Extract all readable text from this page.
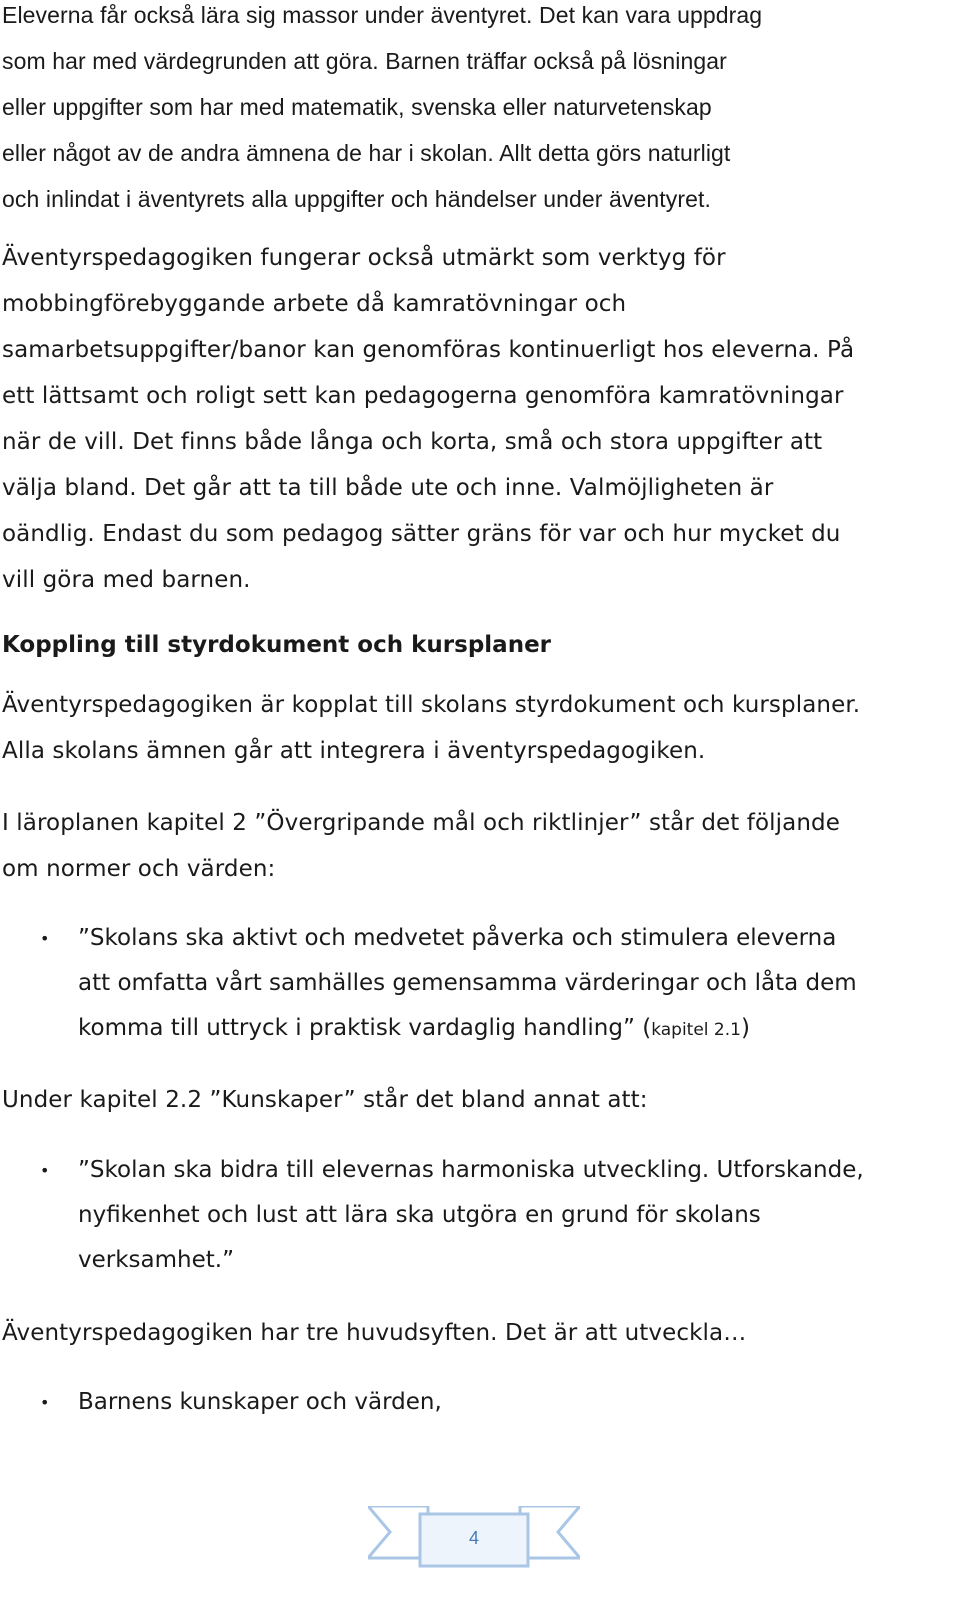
Eleverna får också lära sig massor under äventyret. Det kan vara uppdrag
som har med värdegrunden att göra. Barnen träffar också på lösningar
eller uppgifter som har med matematik, svenska eller naturvetenskap
eller något av de andra ämnena de har i skolan. Allt detta görs naturligt
och inlindat i äventyrets alla uppgifter och händelser under äventyret.

Äventyrspedagogiken fungerar också utmärkt som verktyg för
mobbingförebyggande arbete då kamratövningar och
samarbetsuppgifter/banor kan genomföras kontinuerligt hos eleverna. På
ett lättsamt och roligt sett kan pedagogerna genomföra kamratövningar
när de vill. Det finns både långa och korta, små och stora uppgifter att
välja bland. Det går att ta till både ute och inne. Valmöjligheten är
oändlig. Endast du som pedagog sätter gräns för var och hur mycket du
vill göra med barnen.

Koppling till styrdokument och kursplaner

Äventyrspedagogiken är kopplat till skolans styrdokument och kursplaner.
Alla skolans ämnen går att integrera i äventyrspedagogiken.

I läroplanen kapitel 2 ”Övergripande mål och riktlinjer” står det följande
om normer och värden:

• ”Skolans ska aktivt och medvetet påverka och stimulera eleverna
att omfatta vårt samhälles gemensamma värderingar och låta dem
komma till uttryck i praktisk vardaglig handling” (kapitel 2.1)

Under kapitel 2.2 ”Kunskaper” står det bland annat att:

• ”Skolan ska bidra till elevernas harmoniska utveckling. Utforskande,
nyfikenhet och lust att lära ska utgöra en grund för skolans
verksamhet.”

Äventyrspedagogiken har tre huvudsyften. Det är att utveckla…

• Barnens kunskaper och värden,
4
